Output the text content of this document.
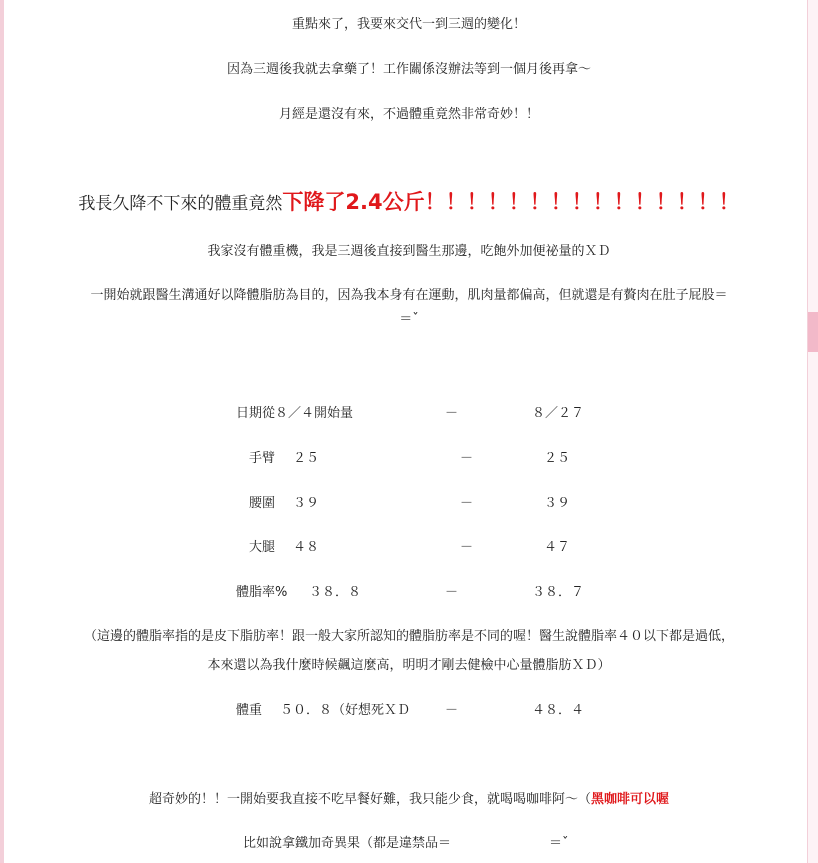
重點來了，我要來交代一到三週的變化！
因為三週後我就去拿藥了！工作關係沒辦法等到一個月後再拿～
月經是還沒有來，不過體重竟然非常奇妙！！
我長久降不下來的體重竟然下降了2.4公斤！！！！！！！！！！！！！！！
我家沒有體重機，我是三週後直接到醫生那邊，吃飽外加便祕量的ＸＤ
一開始就跟醫生溝通好以降體脂肪為目的，因為我本身有在運動，肌肉量都偏高，但就還是有贅肉在肚子屁股＝
＝ˇ
日期從８／４開始量	－	８／２７
手臂 ２５	－	２５
腰圍 ３９	－	３９
大腿 ４８	－	４７
體脂率% ３８．８	－	３８．７
（這邊的體脂率指的是皮下脂肪率！跟一般大家所認知的體脂肪率是不同的喔！醫生說體脂率４０以下都是過低，
本來還以為我什麼時候飆這麼高，明明才剛去健檢中心量體脂肪ＸＤ）
體重 ５０．８（好想死ＸＤ	－	４８．４
超奇妙的！！一開始要我直接不吃早餐好難，我只能少食，就喝喝咖啡阿～（黑咖啡可以喔
比如說拿鐵加奇異果（都是違禁品＝	＝ˇ
